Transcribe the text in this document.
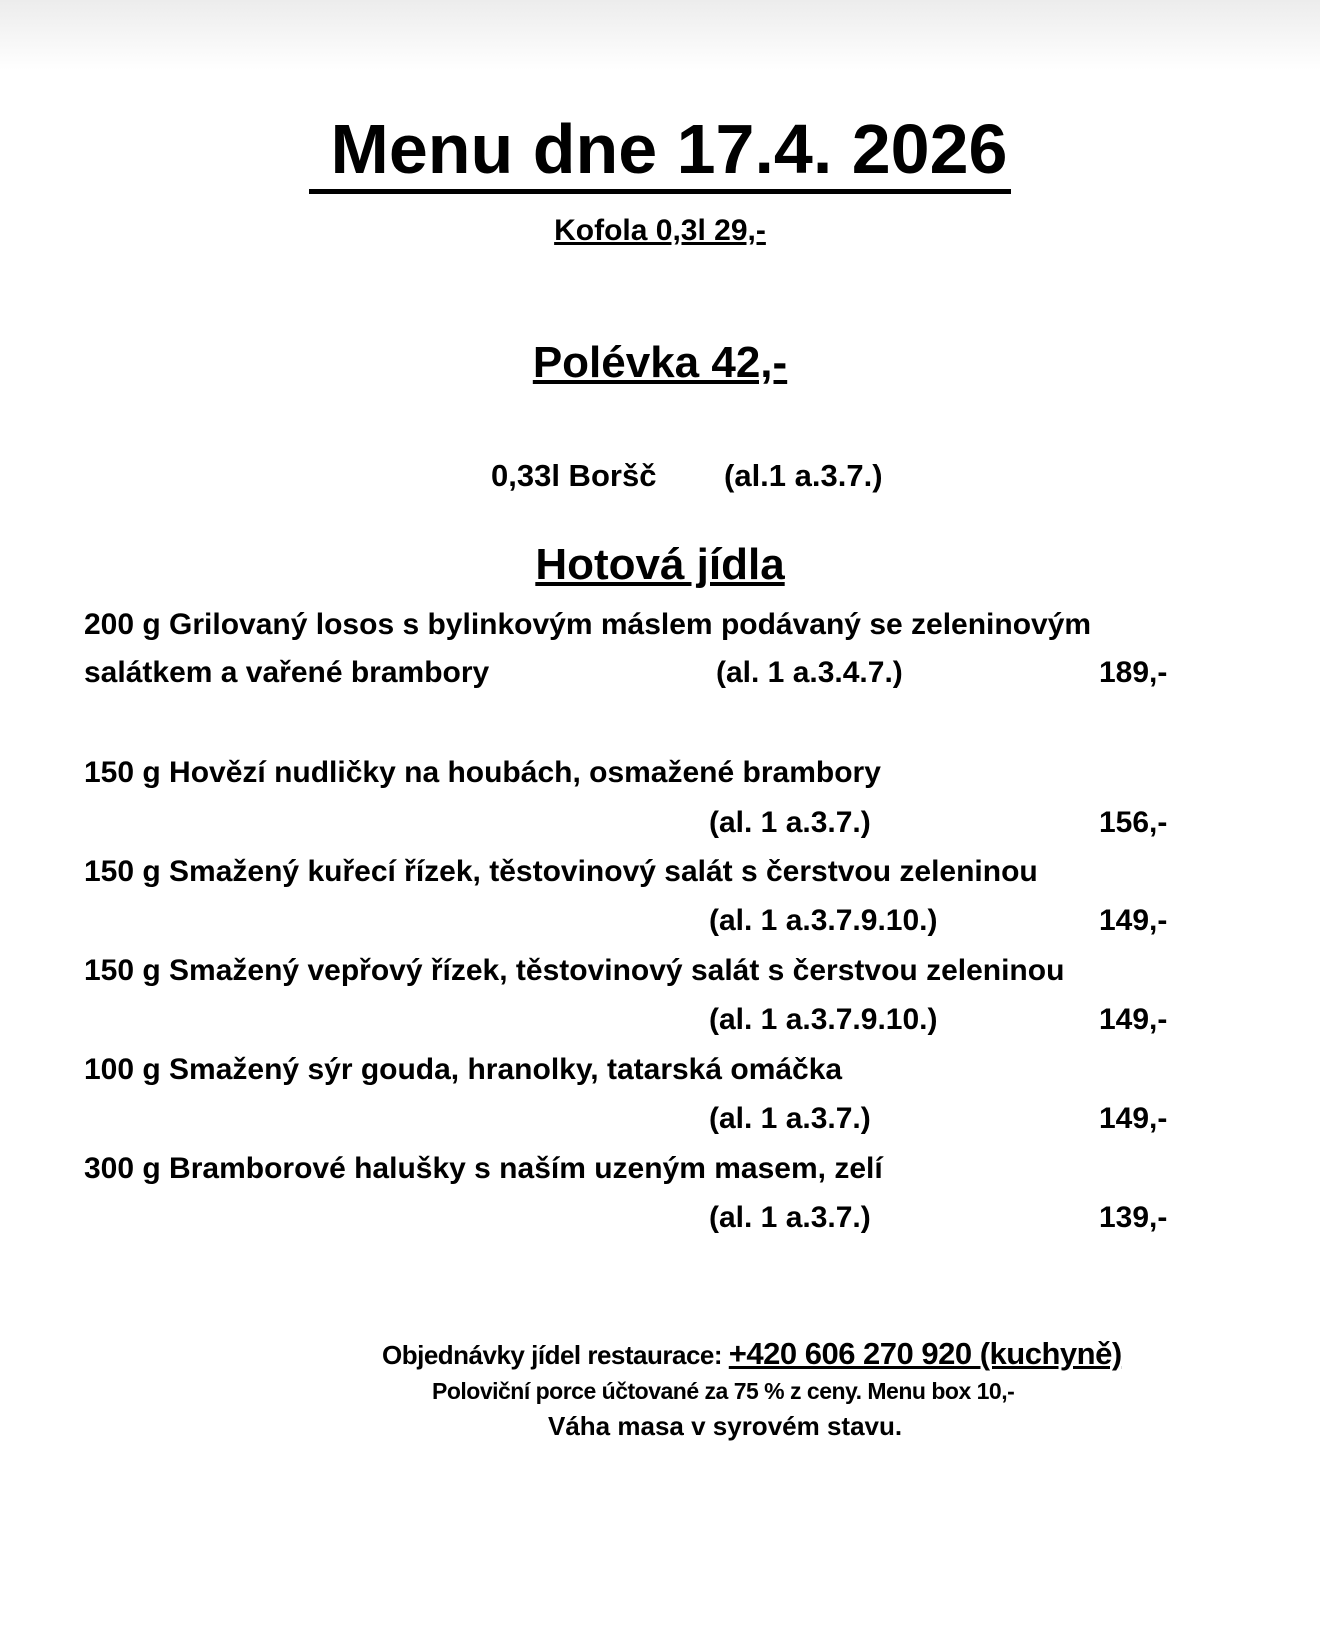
Menu dne 17.4. 2026
Kofola 0,3l 29,-
Polévka 42,-
0,33l Boršč (al.1 a.3.7.)
Hotová jídla
200 g Grilovaný losos s bylinkovým máslem podávaný se zeleninovým
salátkem a vařené brambory	(al. 1 a.3.4.7.)	189,-
150 g Hovězí nudličky na houbách, osmažené brambory
(al. 1 a.3.7.)	156,-
150 g Smažený kuřecí řízek, těstovinový salát s čerstvou zeleninou
(al. 1 a.3.7.9.10.)	149,-
150 g Smažený vepřový řízek, těstovinový salát s čerstvou zeleninou
(al. 1 a.3.7.9.10.)	149,-
100 g Smažený sýr gouda, hranolky, tatarská omáčka
(al. 1 a.3.7.)	149,-
300 g Bramborové halušky s naším uzeným masem, zelí
(al. 1 a.3.7.)	139,-
Objednávky jídel restaurace: +420 606 270 920 (kuchyně)
Poloviční porce účtované za 75 % z ceny. Menu box 10,-
Váha masa v syrovém stavu.
